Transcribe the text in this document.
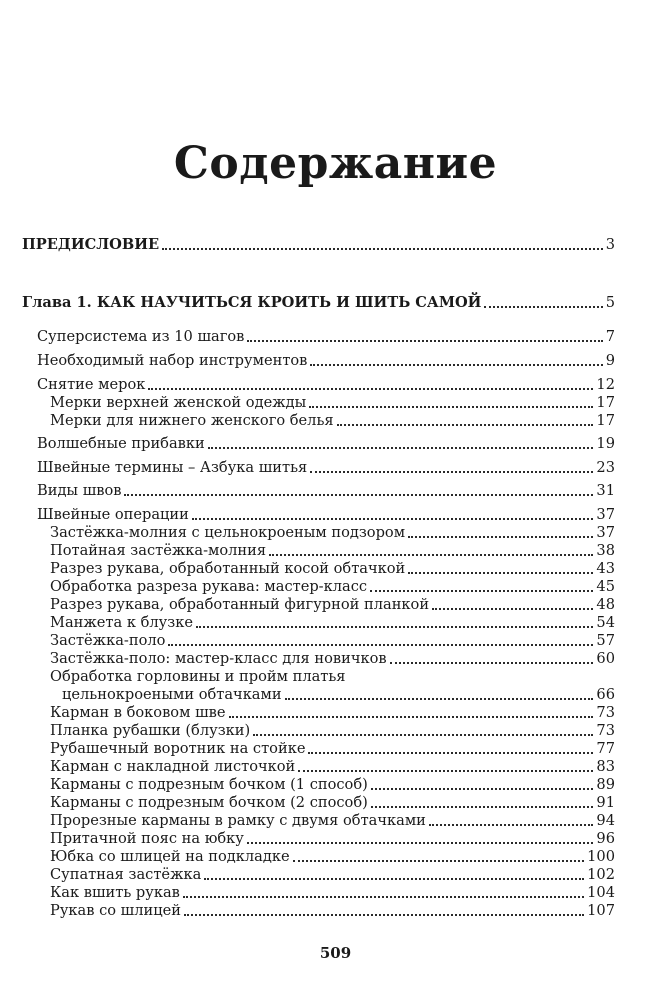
Содержание
ПРЕДИСЛОВИЕ	3
Глава 1. КАК НАУЧИТЬСЯ КРОИТЬ И ШИТЬ САМОЙ	5
Суперсистема из 10 шагов	7
Необходимый набор инструментов	9
Снятие мерок	12
Мерки верхней женской одежды	17
Мерки для нижнего женского белья	17
Волшебные прибавки	19
Швейные термины – Азбука шитья	23
Виды швов	31
Швейные операции	37
Застёжка-молния с цельнокроеным подзором	37
Потайная застёжка-молния	38
Разрез рукава, обработанный косой обтачкой	43
Обработка разреза рукава: мастер-класс	45
Разрез рукава, обработанный фигурной планкой	48
Манжета к блузке	54
Застёжка-поло	57
Застёжка-поло: мастер-класс для новичков	60
Обработка горловины и пройм платья
цельнокроеными обтачками	66
Карман в боковом шве	73
Планка рубашки (блузки)	73
Рубашечный воротник на стойке	77
Карман с накладной листочкой	83
Карманы с подрезным бочком (1 способ)	89
Карманы с подрезным бочком (2 способ)	91
Прорезные карманы в рамку с двумя обтачками	94
Притачной пояс на юбку	96
Юбка со шлицей на подкладке	100
Супатная застёжка	102
Как вшить рукав	104
Рукав со шлицей	107
509
